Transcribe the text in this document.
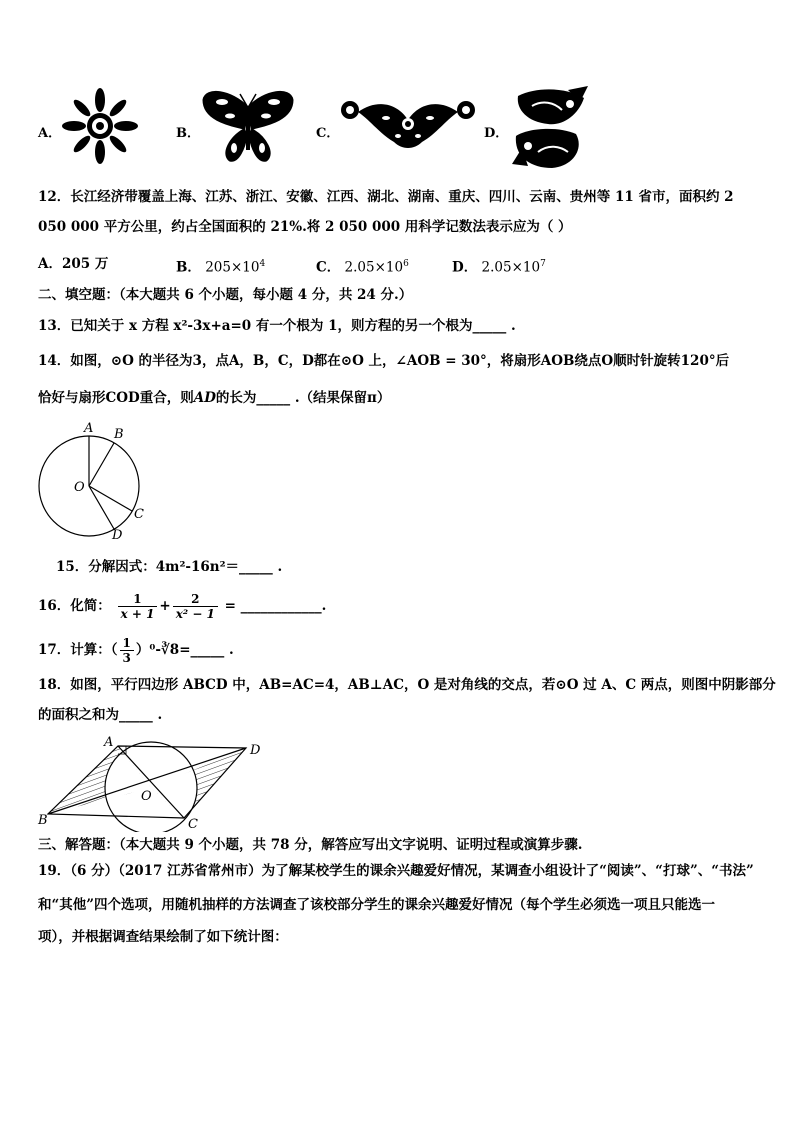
A．	B．	C．	D．
12．长江经济带覆盖上海、江苏、浙江、安徽、江西、湖北、湖南、重庆、四川、云南、贵州等 11 省市，面积约 2
050 000 平方公里，约占全国面积的 21%.将 2 050 000 用科学记数法表示应为（ ）
A．205 万	B． $205\times 10^4$	C． $2.05\times 10^6$	D． $2.05\times 10^7$
二、填空题：（本大题共 6 个小题，每小题 4 分，共 24 分.）
13．已知关于 x 方程 x²-3x+a=0 有一个根为 1，则方程的另一个根为_____ .
14．如图，⊙O 的半径为3，点A，B，C，D都在⊙O 上，∠AOB = 30°，将扇形AOB绕点O顺时针旋转120°后
恰好与扇形COD重合，则AD的长为_____ .（结果保留π）
A B
C
D
O
15．分解因式：4m²-16n²＝_____ .
16．化简： $\frac{1}{x + 1} + \frac{2}{\text{x² − 1}}$ = ____________.
17．计算：（ $\frac{1}{3}$ ）⁰-∛8=_____ .
18．如图，平行四边形 ABCD 中，AB=AC=4，AB⊥AC，O 是对角线的交点，若⊙O 过 A、C 两点，则图中阴影部分
的面积之和为_____ .
A
D
B	C
O
三、解答题：（本大题共 9 个小题，共 78 分，解答应写出文字说明、证明过程或演算步骤.
19．（6 分）（2017 江苏省常州市）为了解某校学生的课余兴趣爱好情况，某调查小组设计了“阅读”、“打球”、“书法”
和“其他”四个选项，用随机抽样的方法调查了该校部分学生的课余兴趣爱好情况（每个学生必须选一项且只能选一
项），并根据调查结果绘制了如下统计图：
